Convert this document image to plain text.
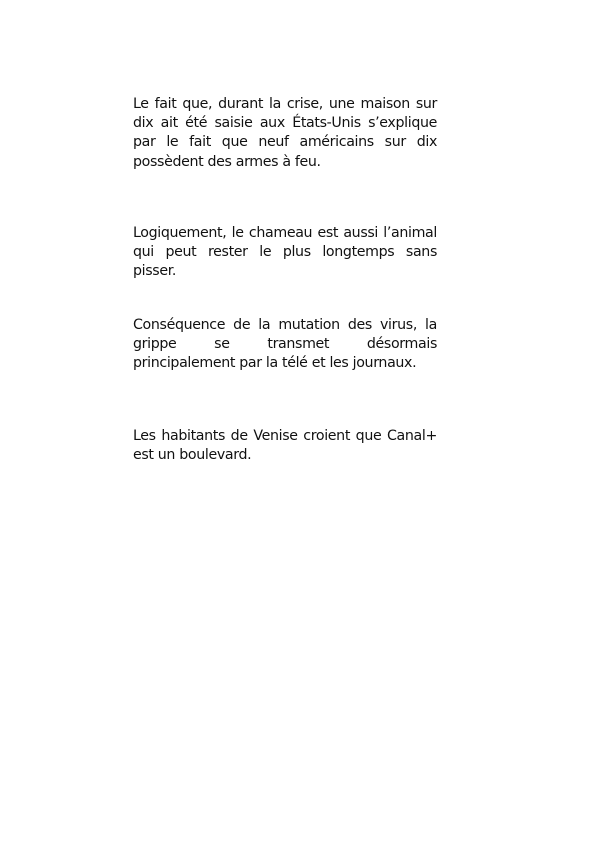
Le fait que, durant la crise, une maison sur dix ait été saisie aux États-Unis s’explique par le fait que neuf américains sur dix possèdent des armes à feu.

Logiquement, le chameau est aussi l’animal qui peut rester le plus longtemps sans pisser.

Conséquence de la mutation des virus, la grippe se transmet désormais principalement par la télé et les journaux.

Les habitants de Venise croient que Canal+ est un boulevard.
